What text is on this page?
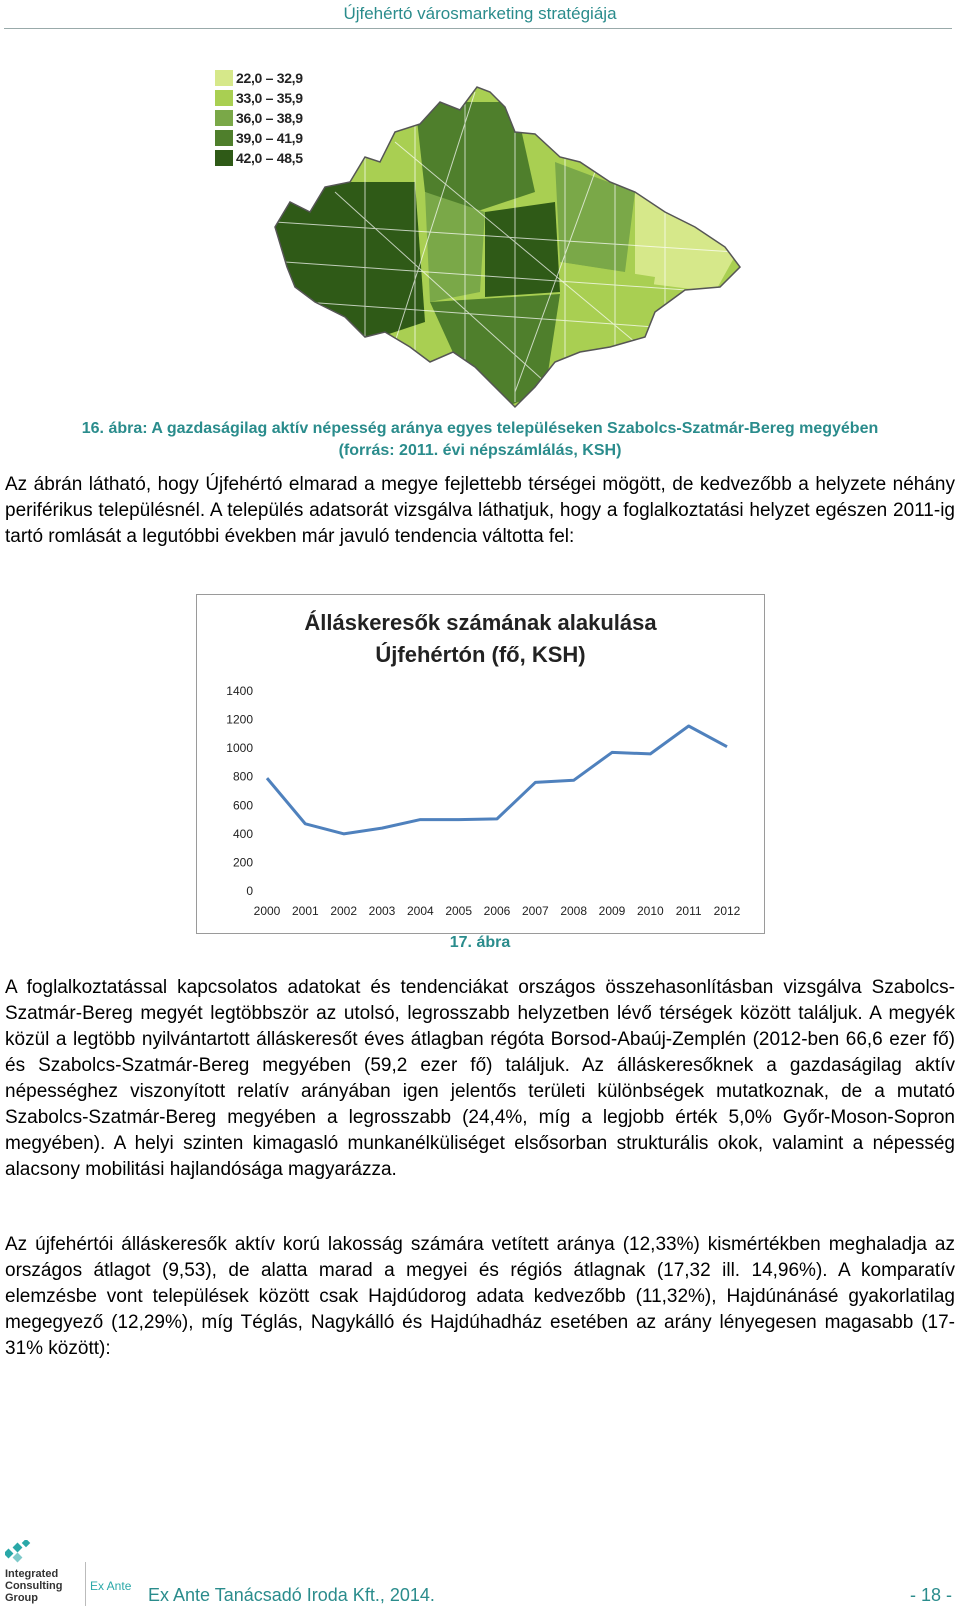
Újfehértó városmarketing stratégiája
22,0 – 32,9
33,0 – 35,9
36,0 – 38,9
39,0 – 41,9
42,0 – 48,5
16. ábra: A gazdaságilag aktív népesség aránya egyes településeken Szabolcs-Szatmár-Bereg megyében
(forrás: 2011. évi népszámlálás, KSH)
Az ábrán látható, hogy Újfehértó elmarad a megye fejlettebb térségei mögött, de kedvezőbb a helyzete néhány periférikus településnél. A település adatsorát vizsgálva láthatjuk, hogy a foglalkoztatási helyzet egészen 2011-ig tartó romlását a legutóbbi években már javuló tendencia váltotta fel:
Álláskeresők számának alakulása
Újfehértón (fő, KSH)
0
200
400
600
800
1000
1200
1400
2000 2001 2002 2003 2004 2005 2006 2007 2008 2009 2010 2011 2012
17. ábra
A foglalkoztatással kapcsolatos adatokat és tendenciákat országos összehasonlításban vizsgálva Szabolcs-Szatmár-Bereg megyét legtöbbször az utolsó, legrosszabb helyzetben lévő térségek között találjuk. A megyék közül a legtöbb nyilvántartott álláskeresőt éves átlagban régóta Borsod-Abaúj-Zemplén (2012-ben 66,6 ezer fő) és Szabolcs-Szatmár-Bereg megyében (59,2 ezer fő) találjuk. Az álláskeresőknek a gazdaságilag aktív népességhez viszonyított relatív arányában igen jelentős területi különbségek mutatkoznak, de a mutató Szabolcs-Szatmár-Bereg megyében a legrosszabb (24,4%, míg a legjobb érték 5,0% Győr-Moson-Sopron megyében). A helyi szinten kimagasló munkanélküliséget elsősorban strukturális okok, valamint a népesség alacsony mobilitási hajlandósága magyarázza.
Az újfehértói álláskeresők aktív korú lakosság számára vetített aránya (12,33%) kismértékben meghaladja az országos átlagot (9,53), de alatta marad a megyei és régiós átlagnak (17,32 ill. 14,96%). A komparatív elemzésbe vont települések között csak Hajdúdorog adata kedvezőbb (11,32%), Hajdúnánásé gyakorlatilag megegyező (12,29%), míg Téglás, Nagykálló és Hajdúhadház esetében az arány lényegesen magasabb (17-31% között):
Integrated
Consulting
Group
Ex Ante Ex Ante Tanácsadó Iroda Kft., 2014.	- 18 -
